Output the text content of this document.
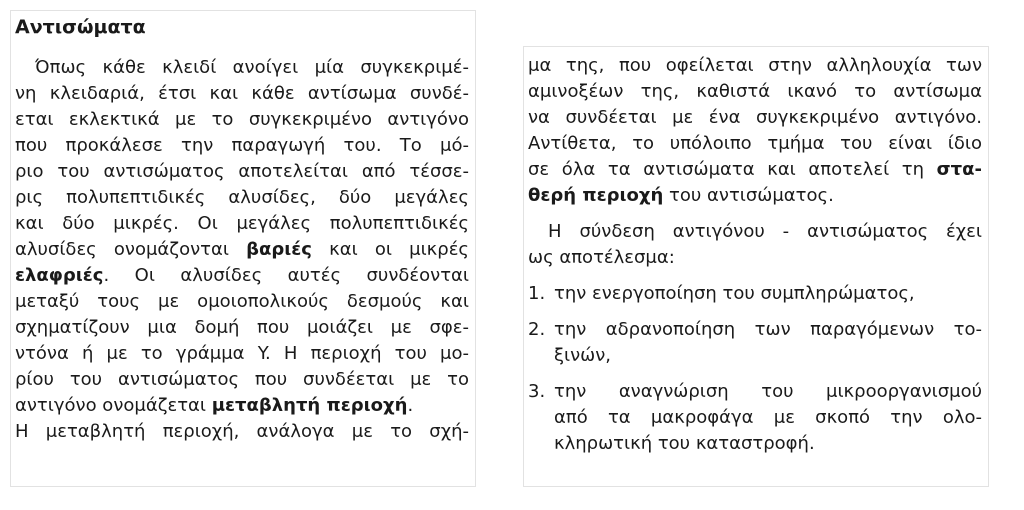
Αντισώματα
Όπως κάθε κλειδί ανοίγει μία συγκεκριμέ-
νη κλειδαριά, έτσι και κάθε αντίσωμα συνδέ-
εται εκλεκτικά με το συγκεκριμένο αντιγόνο
που προκάλεσε την παραγωγή του. Το μό-
ριο του αντισώματος αποτελείται από τέσσε-
ρις πολυπεπτιδικές αλυσίδες, δύο μεγάλες
και δύο μικρές. Οι μεγάλες πολυπεπτιδικές
αλυσίδες ονομάζονται βαριές και οι μικρές
ελαφριές. Οι αλυσίδες αυτές συνδέονται
μεταξύ τους με ομοιοπολικούς δεσμούς και
σχηματίζουν μια δομή που μοιάζει με σφε-
ντόνα ή με το γράμμα Y. Η περιοχή του μο-
ρίου του αντισώματος που συνδέεται με το
αντιγόνο ονομάζεται μεταβλητή περιοχή.
Η μεταβλητή περιοχή, ανάλογα με το σχή-
μα της, που οφείλεται στην αλληλουχία των
αμινοξέων της, καθιστά ικανό το αντίσωμα
να συνδέεται με ένα συγκεκριμένο αντιγόνο.
Αντίθετα, το υπόλοιπο τμήμα του είναι ίδιο
σε όλα τα αντισώματα και αποτελεί τη στα-
θερή περιοχή του αντισώματος.
Η σύνδεση αντιγόνου - αντισώματος έχει
ως αποτέλεσμα:
1. την ενεργοποίηση του συμπληρώματος,
2. την αδρανοποίηση των παραγόμενων το-
ξινών,
3. την αναγνώριση του μικροοργανισμού
από τα μακροφάγα με σκοπό την ολο-
κληρωτική του καταστροφή.
